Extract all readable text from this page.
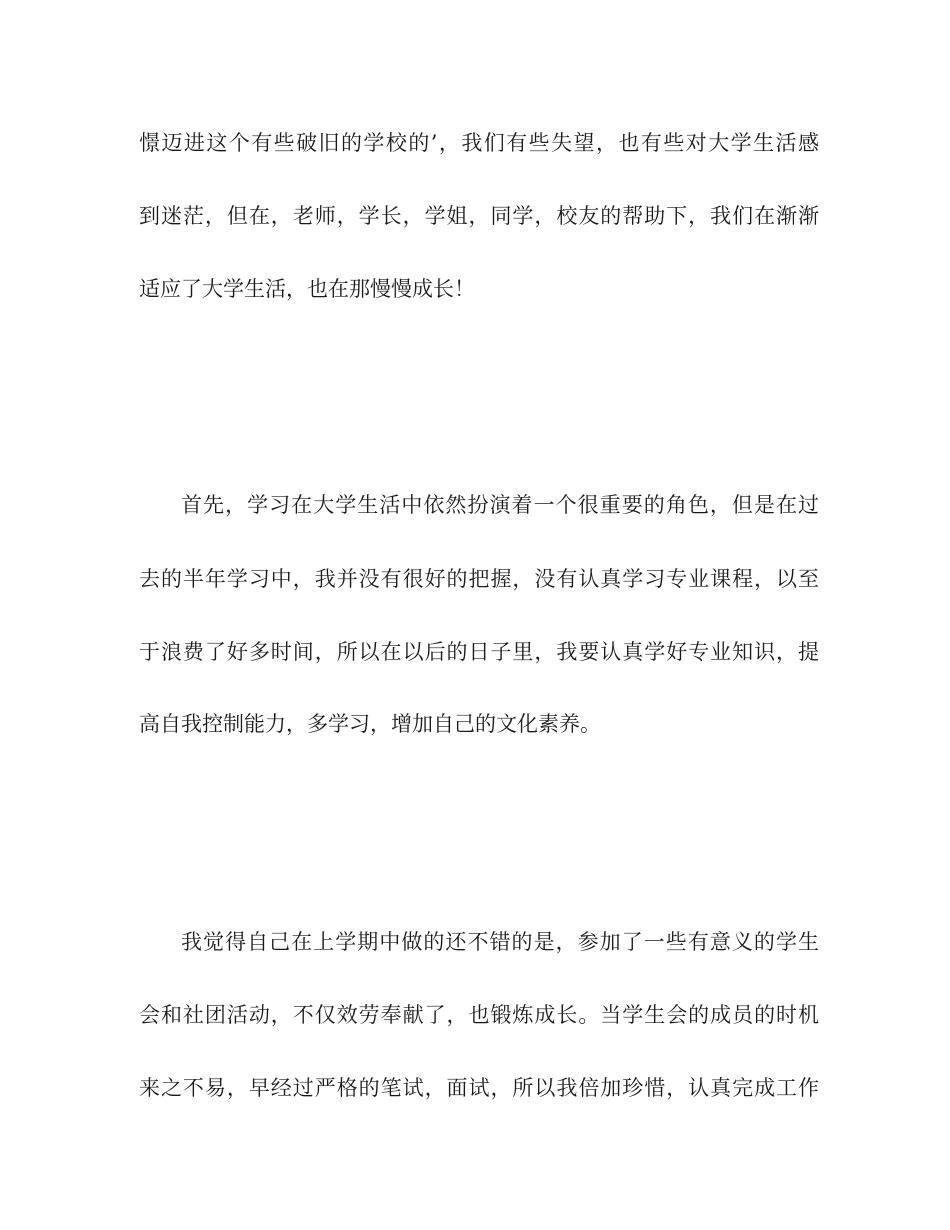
憬迈进这个有些破旧的学校的’，我们有些失望，也有些对大学生活感
到迷茫，但在，老师，学长，学姐，同学，校友的帮助下，我们在渐渐
适应了大学生活，也在那慢慢成长！
首先，学习在大学生活中依然扮演着一个很重要的角色，但是在过
去的半年学习中，我并没有很好的把握，没有认真学习专业课程，以至
于浪费了好多时间，所以在以后的日子里，我要认真学好专业知识，提
高自我控制能力，多学习，增加自己的文化素养。
我觉得自己在上学期中做的还不错的是，参加了一些有意义的学生
会和社团活动，不仅效劳奉献了，也锻炼成长。当学生会的成员的时机
来之不易，早经过严格的笔试，面试，所以我倍加珍惜，认真完成工作
